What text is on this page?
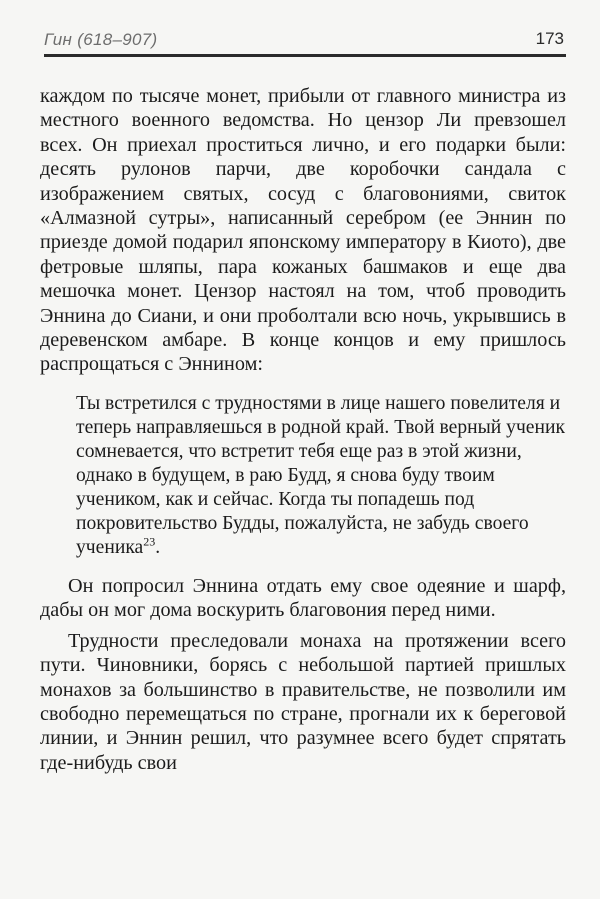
Гин (618–907)	173

каждом по тысяче монет, прибыли от главного министра из местного военного ведомства. Но цензор Ли превзошел всех. Он приехал проститься лично, и его подарки были: десять рулонов парчи, две коробочки сандала с изображением святых, сосуд с благовониями, свиток «Алмазной сутры», написанный серебром (ее Эннин по приезде домой подарил японскому императору в Киото), две фетровые шляпы, пара кожаных башмаков и еще два мешочка монет. Цензор настоял на том, чтоб проводить Эннина до Сиани, и они проболтали всю ночь, укрывшись в деревенском амбаре. В конце концов и ему пришлось распрощаться с Эннином:

Ты встретился с трудностями в лице нашего повелителя и теперь направляешься в родной край. Твой верный ученик сомневается, что встретит тебя еще раз в этой жизни, однако в будущем, в раю Будд, я снова буду твоим учеником, как и сейчас. Когда ты попадешь под покровительство Будды, пожалуйста, не забудь своего ученика$^{23}$.

Он попросил Эннина отдать ему свое одеяние и шарф, дабы он мог дома воскурить благовония перед ними.

Трудности преследовали монаха на протяжении всего пути. Чиновники, борясь с небольшой партией пришлых монахов за большинство в правительстве, не позволили им свободно перемещаться по стране, прогнали их к береговой линии, и Эннин решил, что разумнее всего будет спрятать где-нибудь свои
